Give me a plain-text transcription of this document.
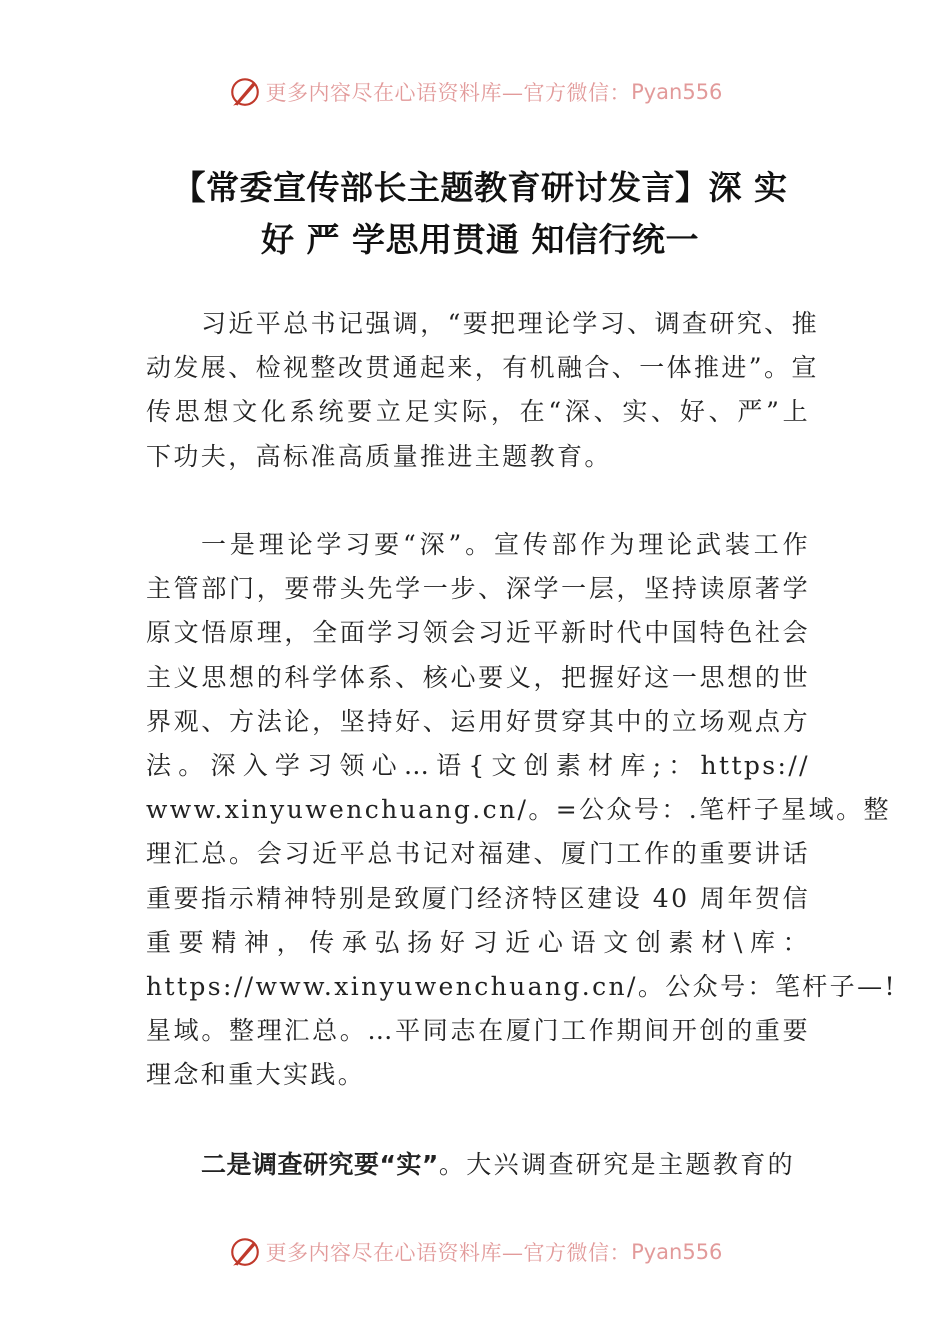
更多内容尽在心语资料库—官方微信： Pyan556
【常委宣传部长主题教育研讨发言】深 实
好 严 学思用贯通 知信行统一

习近平总书记强调，“要把理论学习、调查研究、推
动发展、检视整改贯通起来，有机融合、一体推进”。宣
传思想文化系统要立足实际，在“深、实、好、严”上
下功夫，高标准高质量推进主题教育。

一是理论学习要“深”。宣传部作为理论武装工作
主管部门，要带头先学一步、深学一层，坚持读原著学
原文悟原理，全面学习领会习近平新时代中国特色社会
主义思想的科学体系、核心要义，把握好这一思想的世
界观、方法论，坚持好、运用好贯穿其中的立场观点方
法。深入学习领心…语{文创素材库;：https://
www.xinyuwenchuang.cn/。=公众号：.笔杆子星域。整
理汇总。会习近平总书记对福建、厦门工作的重要讲话
重要指示精神特别是致厦门经济特区建设 40 周年贺信
重要精神，传承弘扬好习近心语文创素材\库：
https://www.xinyuwenchuang.cn/。公众号：笔杆子—!
星域。整理汇总。…平同志在厦门工作期间开创的重要
理念和重大实践。

二是调查研究要“实”。大兴调查研究是主题教育的

更多内容尽在心语资料库—官方微信： Pyan556
